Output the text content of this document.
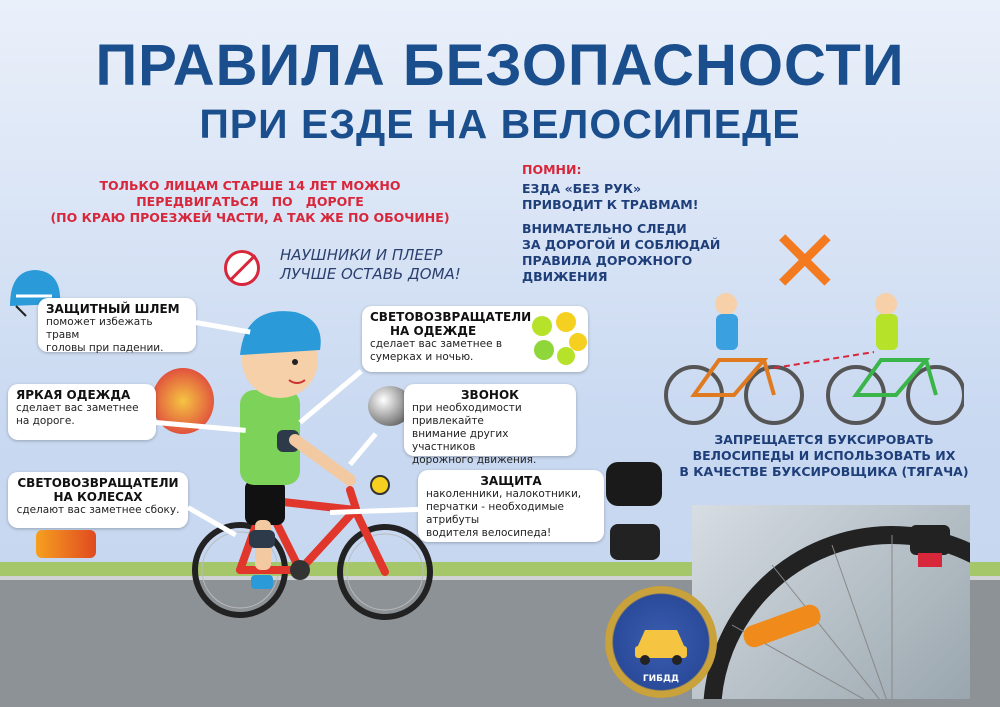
ПРАВИЛА БЕЗОПАСНОСТИ
ПРИ ЕЗДЕ НА ВЕЛОСИПЕДЕ
ТОЛЬКО ЛИЦАМ СТАРШЕ 14 ЛЕТ МОЖНО
ПЕРЕДВИГАТЬСЯ   ПО   ДОРОГЕ
(ПО КРАЮ ПРОЕЗЖЕЙ ЧАСТИ, А ТАК ЖЕ ПО ОБОЧИНЕ)
ПОМНИ:
ЕЗДА «БЕЗ РУК»
ПРИВОДИТ К ТРАВМАМ!
ВНИМАТЕЛЬНО СЛЕДИ
ЗА ДОРОГОЙ И СОБЛЮДАЙ
ПРАВИЛА ДОРОЖНОГО
ДВИЖЕНИЯ
НАУШНИКИ И ПЛЕЕР
ЛУЧШЕ ОСТАВЬ ДОМА!
ЗАЩИТНЫЙ ШЛЕМ
поможет избежать травм
головы при падении.
ЯРКАЯ ОДЕЖДА
сделает вас заметнее
на дороге.
СВЕТОВОЗВРАЩАТЕЛИ
НА КОЛЕСАХ
сделают вас заметнее сбоку.
СВЕТОВОЗВРАЩАТЕЛИ
НА ОДЕЖДЕ
сделает вас заметнее в
сумерках и ночью.
ЗВОНОК
при необходимости привлекайте
внимание других участников
дорожного движения.
ЗАЩИТА
наколенники, налокотники,
перчатки - необходимые атрибуты
водителя велосипеда!
✕
ЗАПРЕЩАЕТСЯ БУКСИРОВАТЬ
ВЕЛОСИПЕДЫ И ИСПОЛЬЗОВАТЬ ИХ
В КАЧЕСТВЕ БУКСИРОВЩИКА (ТЯГАЧА)
ГИБДД
